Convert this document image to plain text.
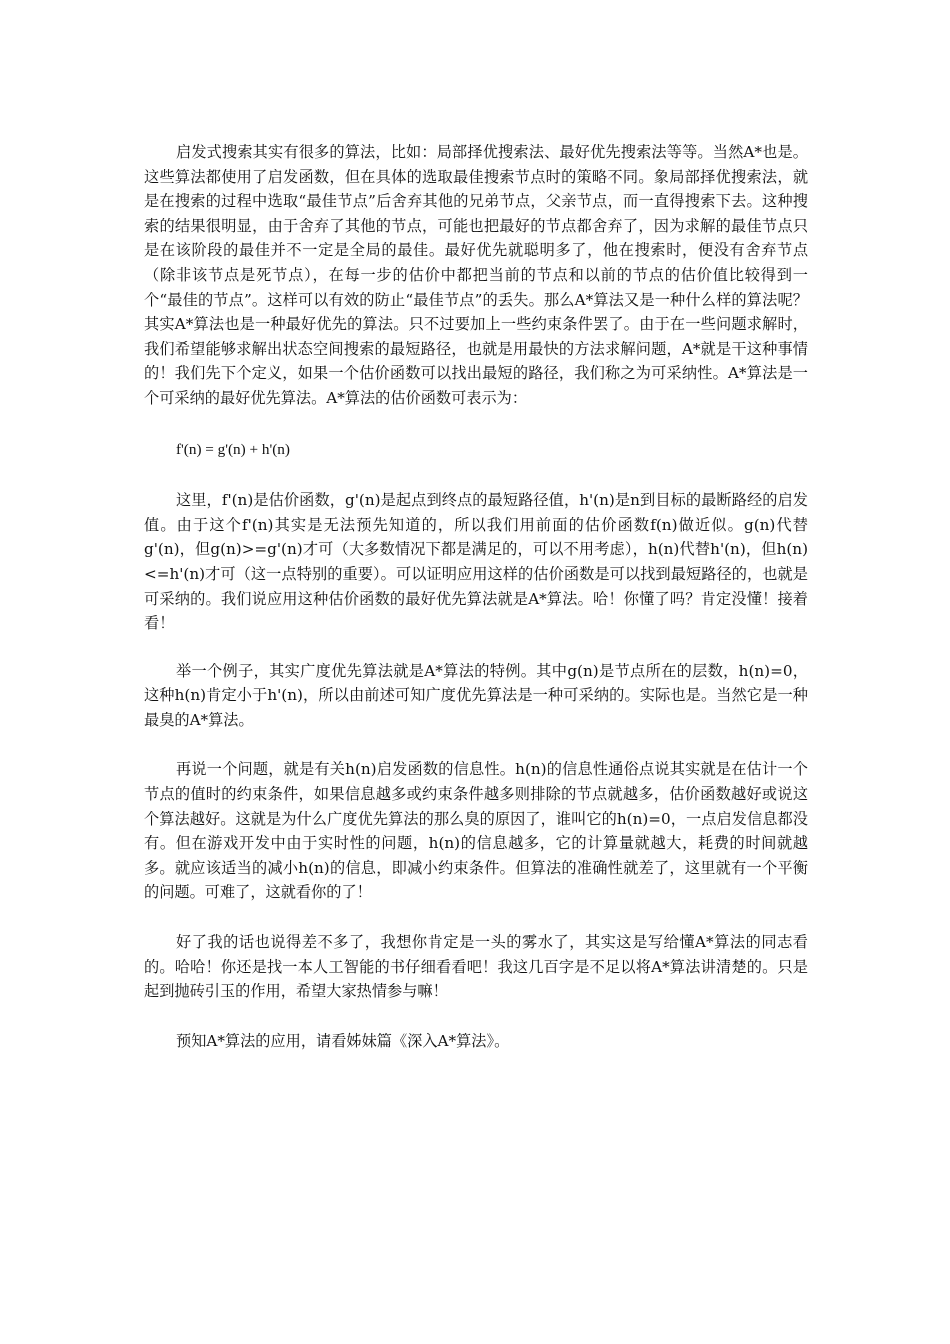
启发式搜索其实有很多的算法，比如：局部择优搜索法、最好优先搜索法等等。当然A*也是。这些算法都使用了启发函数，但在具体的选取最佳搜索节点时的策略不同。象局部择优搜索法，就是在搜索的过程中选取“最佳节点”后舍弃其他的兄弟节点，父亲节点，而一直得搜索下去。这种搜索的结果很明显，由于舍弃了其他的节点，可能也把最好的节点都舍弃了，因为求解的最佳节点只是在该阶段的最佳并不一定是全局的最佳。最好优先就聪明多了，他在搜索时，便没有舍弃节点（除非该节点是死节点），在每一步的估价中都把当前的节点和以前的节点的估价值比较得到一个“最佳的节点”。这样可以有效的防止“最佳节点”的丢失。那么A*算法又是一种什么样的算法呢？其实A*算法也是一种最好优先的算法。只不过要加上一些约束条件罢了。由于在一些问题求解时，我们希望能够求解出状态空间搜索的最短路径，也就是用最快的方法求解问题，A*就是干这种事情的！我们先下个定义，如果一个估价函数可以找出最短的路径，我们称之为可采纳性。A*算法是一个可采纳的最好优先算法。A*算法的估价函数可表示为：

f'(n) = g'(n) + h'(n)

这里，f'(n)是估价函数，g'(n)是起点到终点的最短路径值，h'(n)是n到目标的最断路经的启发值。由于这个f'(n)其实是无法预先知道的，所以我们用前面的估价函数f(n)做近似。g(n)代替g'(n)，但g(n)>=g'(n)才可（大多数情况下都是满足的，可以不用考虑），h(n)代替h'(n)，但h(n)<=h'(n)才可（这一点特别的重要）。可以证明应用这样的估价函数是可以找到最短路径的，也就是可采纳的。我们说应用这种估价函数的最好优先算法就是A*算法。哈！你懂了吗？肯定没懂！接着看！

举一个例子，其实广度优先算法就是A*算法的特例。其中g(n)是节点所在的层数，h(n)=0，这种h(n)肯定小于h'(n)，所以由前述可知广度优先算法是一种可采纳的。实际也是。当然它是一种最臭的A*算法。

再说一个问题，就是有关h(n)启发函数的信息性。h(n)的信息性通俗点说其实就是在估计一个节点的值时的约束条件，如果信息越多或约束条件越多则排除的节点就越多，估价函数越好或说这个算法越好。这就是为什么广度优先算法的那么臭的原因了，谁叫它的h(n)=0，一点启发信息都没有。但在游戏开发中由于实时性的问题，h(n)的信息越多，它的计算量就越大，耗费的时间就越多。就应该适当的减小h(n)的信息，即减小约束条件。但算法的准确性就差了，这里就有一个平衡的问题。可难了，这就看你的了！

好了我的话也说得差不多了，我想你肯定是一头的雾水了，其实这是写给懂A*算法的同志看的。哈哈！你还是找一本人工智能的书仔细看看吧！我这几百字是不足以将A*算法讲清楚的。只是起到抛砖引玉的作用，希望大家热情参与嘛！

预知A*算法的应用，请看姊妹篇《深入A*算法》。
